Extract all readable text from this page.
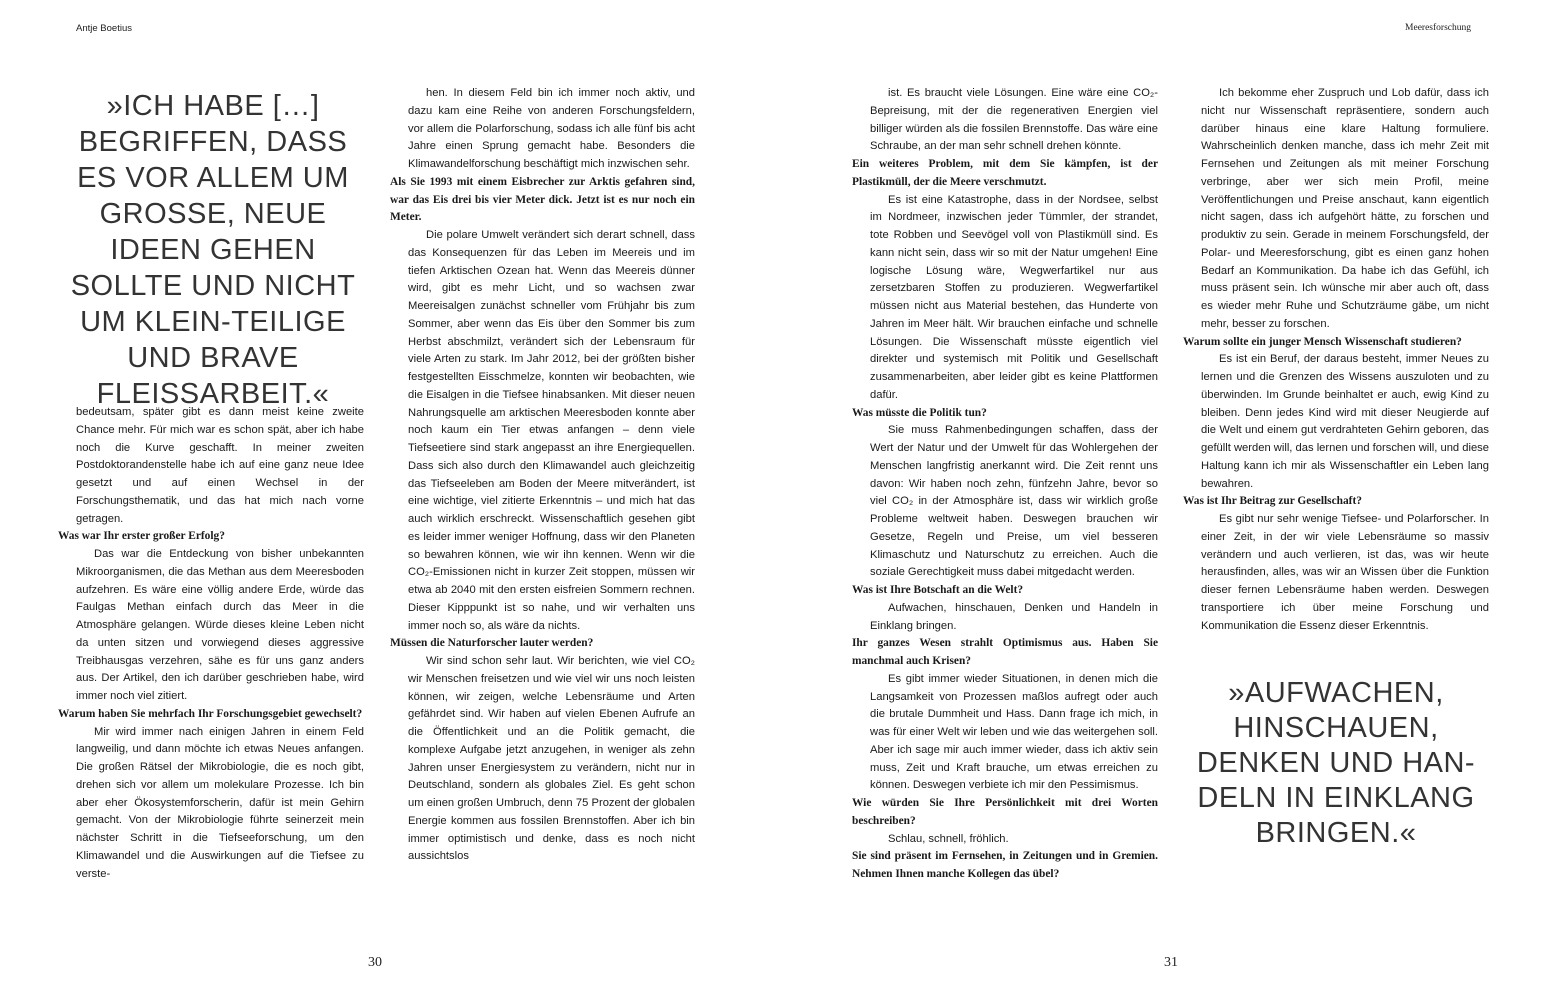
Antje Boetius	Meeresforschung
»ICH HABE […] BEGRIFFEN, DASS ES VOR ALLEM UM GROSSE, NEUE IDEEN GEHEN SOLLTE UND NICHT UM KLEIN-TEILIGE UND BRAVE FLEISSARBEIT.«

bedeutsam, später gibt es dann meist keine zweite Chance mehr. Für mich war es schon spät, aber ich habe noch die Kurve geschafft. In meiner zweiten Postdoktorandenstelle habe ich auf eine ganz neue Idee gesetzt und auf einen Wechsel in der Forschungsthematik, und das hat mich nach vorne getragen.

Was war Ihr erster großer Erfolg?

Das war die Entdeckung von bisher unbekannten Mikroorganismen, die das Methan aus dem Meeresboden aufzehren. Es wäre eine völlig andere Erde, würde das Faulgas Methan einfach durch das Meer in die Atmosphäre gelangen. Würde dieses kleine Leben nicht da unten sitzen und vorwiegend dieses aggressive Treibhausgas verzehren, sähe es für uns ganz anders aus. Der Artikel, den ich darüber geschrieben habe, wird immer noch viel zitiert.

Warum haben Sie mehrfach Ihr Forschungsgebiet gewechselt?

Mir wird immer nach einigen Jahren in einem Feld langweilig, und dann möchte ich etwas Neues anfangen. Die großen Rätsel der Mikrobiologie, die es noch gibt, drehen sich vor allem um molekulare Prozesse. Ich bin aber eher Ökosystemforscherin, dafür ist mein Gehirn gemacht. Von der Mikrobiologie führte seinerzeit mein nächster Schritt in die Tiefseeforschung, um den Klimawandel und die Auswirkungen auf die Tiefsee zu verste-

hen. In diesem Feld bin ich immer noch aktiv, und dazu kam eine Reihe von anderen Forschungsfeldern, vor allem die Polarforschung, sodass ich alle fünf bis acht Jahre einen Sprung gemacht habe. Besonders die Klimawandelforschung beschäftigt mich inzwischen sehr.

Als Sie 1993 mit einem Eisbrecher zur Arktis gefahren sind, war das Eis drei bis vier Meter dick. Jetzt ist es nur noch ein Meter.

Die polare Umwelt verändert sich derart schnell, dass das Konsequenzen für das Leben im Meereis und im tiefen Arktischen Ozean hat. Wenn das Meereis dünner wird, gibt es mehr Licht, und so wachsen zwar Meereisalgen zunächst schneller vom Frühjahr bis zum Sommer, aber wenn das Eis über den Sommer bis zum Herbst abschmilzt, verändert sich der Lebensraum für viele Arten zu stark. Im Jahr 2012, bei der größten bisher festgestellten Eisschmelze, konnten wir beobachten, wie die Eisalgen in die Tiefsee hinabsanken. Mit dieser neuen Nahrungsquelle am arktischen Meeresboden konnte aber noch kaum ein Tier etwas anfangen – denn viele Tiefseetiere sind stark angepasst an ihre Energiequellen. Dass sich also durch den Klimawandel auch gleichzeitig das Tiefseeleben am Boden der Meere mitverändert, ist eine wichtige, viel zitierte Erkenntnis – und mich hat das auch wirklich erschreckt. Wissenschaftlich gesehen gibt es leider immer weniger Hoffnung, dass wir den Planeten so bewahren können, wie wir ihn kennen. Wenn wir die CO₂-Emissionen nicht in kurzer Zeit stoppen, müssen wir etwa ab 2040 mit den ersten eisfreien Sommern rechnen. Dieser Kipppunkt ist so nahe, und wir verhalten uns immer noch so, als wäre da nichts.

Müssen die Naturforscher lauter werden?

Wir sind schon sehr laut. Wir berichten, wie viel CO₂ wir Menschen freisetzen und wie viel wir uns noch leisten können, wir zeigen, welche Lebensräume und Arten gefährdet sind. Wir haben auf vielen Ebenen Aufrufe an die Öffentlichkeit und an die Politik gemacht, die komplexe Aufgabe jetzt anzugehen, in weniger als zehn Jahren unser Energiesystem zu verändern, nicht nur in Deutschland, sondern als globales Ziel. Es geht schon um einen großen Umbruch, denn 75 Prozent der globalen Energie kommen aus fossilen Brennstoffen. Aber ich bin immer optimistisch und denke, dass es noch nicht aussichtslos

ist. Es braucht viele Lösungen. Eine wäre eine CO₂-Bepreisung, mit der die regenerativen Energien viel billiger würden als die fossilen Brennstoffe. Das wäre eine Schraube, an der man sehr schnell drehen könnte.

Ein weiteres Problem, mit dem Sie kämpfen, ist der Plastikmüll, der die Meere verschmutzt.

Es ist eine Katastrophe, dass in der Nordsee, selbst im Nordmeer, inzwischen jeder Tümmler, der strandet, tote Robben und Seevögel voll von Plastikmüll sind. Es kann nicht sein, dass wir so mit der Natur umgehen! Eine logische Lösung wäre, Wegwerfartikel nur aus zersetzbaren Stoffen zu produzieren. Wegwerfartikel müssen nicht aus Material bestehen, das Hunderte von Jahren im Meer hält. Wir brauchen einfache und schnelle Lösungen. Die Wissenschaft müsste eigentlich viel direkter und systemisch mit Politik und Gesellschaft zusammenarbeiten, aber leider gibt es keine Plattformen dafür.

Was müsste die Politik tun?

Sie muss Rahmenbedingungen schaffen, dass der Wert der Natur und der Umwelt für das Wohlergehen der Menschen langfristig anerkannt wird. Die Zeit rennt uns davon: Wir haben noch zehn, fünfzehn Jahre, bevor so viel CO₂ in der Atmosphäre ist, dass wir wirklich große Probleme weltweit haben. Deswegen brauchen wir Gesetze, Regeln und Preise, um viel besseren Klimaschutz und Naturschutz zu erreichen. Auch die soziale Gerechtigkeit muss dabei mitgedacht werden.

Was ist Ihre Botschaft an die Welt?

Aufwachen, hinschauen, Denken und Handeln in Einklang bringen.

Ihr ganzes Wesen strahlt Optimismus aus. Haben Sie manchmal auch Krisen?

Es gibt immer wieder Situationen, in denen mich die Langsamkeit von Prozessen maßlos aufregt oder auch die brutale Dummheit und Hass. Dann frage ich mich, in was für einer Welt wir leben und wie das weitergehen soll. Aber ich sage mir auch immer wieder, dass ich aktiv sein muss, Zeit und Kraft brauche, um etwas erreichen zu können. Deswegen verbiete ich mir den Pessimismus.

Wie würden Sie Ihre Persönlichkeit mit drei Worten beschreiben?

Schlau, schnell, fröhlich.

Sie sind präsent im Fernsehen, in Zeitungen und in Gremien. Nehmen Ihnen manche Kollegen das übel?

Ich bekomme eher Zuspruch und Lob dafür, dass ich nicht nur Wissenschaft repräsentiere, sondern auch darüber hinaus eine klare Haltung formuliere. Wahrscheinlich denken manche, dass ich mehr Zeit mit Fernsehen und Zeitungen als mit meiner Forschung verbringe, aber wer sich mein Profil, meine Veröffentlichungen und Preise anschaut, kann eigentlich nicht sagen, dass ich aufgehört hätte, zu forschen und produktiv zu sein. Gerade in meinem Forschungsfeld, der Polar- und Meeresforschung, gibt es einen ganz hohen Bedarf an Kommunikation. Da habe ich das Gefühl, ich muss präsent sein. Ich wünsche mir aber auch oft, dass es wieder mehr Ruhe und Schutzräume gäbe, um nicht mehr, besser zu forschen.

Warum sollte ein junger Mensch Wissenschaft studieren?

Es ist ein Beruf, der daraus besteht, immer Neues zu lernen und die Grenzen des Wissens auszuloten und zu überwinden. Im Grunde beinhaltet er auch, ewig Kind zu bleiben. Denn jedes Kind wird mit dieser Neugierde auf die Welt und einem gut verdrahteten Gehirn geboren, das gefüllt werden will, das lernen und forschen will, und diese Haltung kann ich mir als Wissenschaftler ein Leben lang bewahren.

Was ist Ihr Beitrag zur Gesellschaft?

Es gibt nur sehr wenige Tiefsee- und Polarforscher. In einer Zeit, in der wir viele Lebensräume so massiv verändern und auch verlieren, ist das, was wir heute herausfinden, alles, was wir an Wissen über die Funktion dieser fernen Lebensräume haben werden. Deswegen transportiere ich über meine Forschung und Kommunikation die Essenz dieser Erkenntnis.

»AUFWACHEN, HINSCHAUEN, DENKEN UND HAN-DELN IN EINKLANG BRINGEN.«
30	31
